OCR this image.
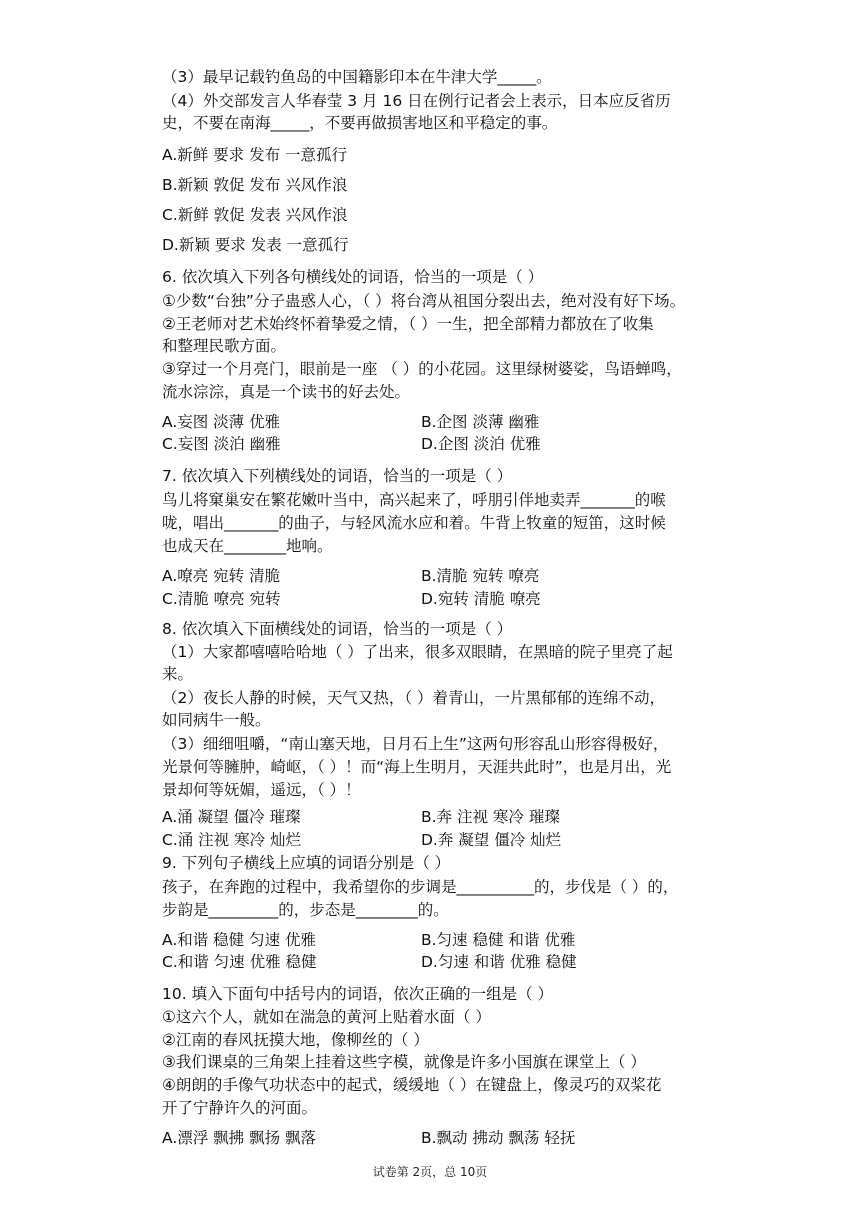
（3）最早记载钓鱼岛的中国籍影印本在牛津大学_____。
（4）外交部发言人华春莹 3 月 16 日在例行记者会上表示，日本应反省历
史，不要在南海_____，不要再做损害地区和平稳定的事。
A.新鲜 要求 发布 一意孤行
B.新颖 敦促 发布 兴风作浪
C.新鲜 敦促 发表 兴风作浪
D.新颖 要求 发表 一意孤行
6. 依次填入下列各句横线处的词语，恰当的一项是（ ）
①少数“台独”分子蛊惑人心，（ ）将台湾从祖国分裂出去，绝对没有好下场。
②王老师对艺术始终怀着挚爱之情，（ ）一生，把全部精力都放在了收集
和整理民歌方面。
③穿过一个月亮门，眼前是一座 （ ）的小花园。这里绿树婆娑，鸟语蝉鸣，
流水淙淙，真是一个读书的好去处。
A.妄图 淡薄 优雅	B.企图 淡薄 幽雅
C.妄图 淡泊 幽雅	D.企图 淡泊 优雅
7. 依次填入下列横线处的词语，恰当的一项是（ ）
鸟儿将窠巢安在繁花嫩叶当中，高兴起来了，呼朋引伴地卖弄_______的喉
咙，唱出_______的曲子，与轻风流水应和着。牛背上牧童的短笛，这时候
也成天在________地响。
A.嘹亮 宛转 清脆	B.清脆 宛转 嘹亮
C.清脆 嘹亮 宛转	D.宛转 清脆 嘹亮
8. 依次填入下面横线处的词语，恰当的一项是（ ）
（1）大家都嘻嘻哈哈地（ ）了出来，很多双眼睛，在黑暗的院子里亮了起
来。
（2）夜长人静的时候，天气又热，（ ）着青山，一片黑郁郁的连绵不动，
如同病牛一般。
（3）细细咀嚼，“南山塞天地，日月石上生”这两句形容乱山形容得极好，
光景何等臃肿，崎岖，（ ）！而“海上生明月，天涯共此时”，也是月出，光
景却何等妩媚，遥远，（ ）！
A.涌 凝望 僵冷 璀璨	B.奔 注视 寒冷 璀璨
C.涌 注视 寒冷 灿烂	D.奔 凝望 僵冷 灿烂
9. 下列句子横线上应填的词语分别是（ ）
孩子，在奔跑的过程中，我希望你的步调是__________的，步伐是（ ）的，
步韵是_________的，步态是________的。
A.和谐 稳健 匀速 优雅	B.匀速 稳健 和谐 优雅
C.和谐 匀速 优雅 稳健	D.匀速 和谐 优雅 稳健
10. 填入下面句中括号内的词语，依次正确的一组是（ ）
①这六个人，就如在湍急的黄河上贴着水面（ ）
②江南的春风抚摸大地，像柳丝的（ ）
③我们课桌的三角架上挂着这些字模，就像是许多小国旗在课堂上（ ）
④朗朗的手像气功状态中的起式，缓缓地（ ）在键盘上，像灵巧的双桨花
开了宁静许久的河面。
A.漂浮 飘拂 飘扬 飘落	B.飘动 拂动 飘荡 轻抚
试卷第 2页，总 10页
